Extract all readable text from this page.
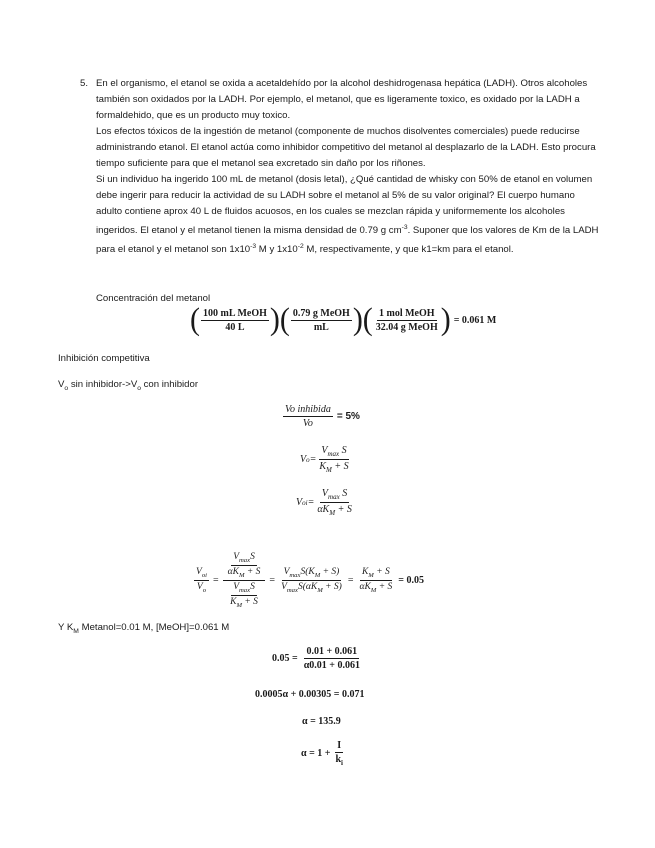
5. En el organismo, el etanol se oxida a acetaldehído por la alcohol deshidrogenasa hepática (LADH). Otros alcoholes también son oxidados por la LADH. Por ejemplo, el metanol, que es ligeramente toxico, es oxidado por la LADH a formaldehido, que es un producto muy toxico.

Los efectos tóxicos de la ingestión de metanol (componente de muchos disolventes comerciales) puede reducirse administrando etanol. El etanol actúa como inhibidor competitivo del metanol al desplazarlo de la LADH. Esto procura tiempo suficiente para que el metanol sea excretado sin daño por los riñones.

Si un individuo ha ingerido 100 mL de metanol (dosis letal), ¿Qué cantidad de whisky con 50% de etanol en volumen debe ingerir para reducir la actividad de su LADH sobre el metanol al 5% de su valor original? El cuerpo humano adulto contiene aprox 40 L de fluidos acuosos, en los cuales se mezclan rápida y uniformemente los alcoholes ingeridos. El etanol y el metanol tienen la misma densidad de 0.79 g $cm^{-3}$. Suponer que los valores de Km de la LADH para el etanol y el metanol son $1x10^{-3}$ M y $1x10^{-2}$ M, respectivamente, y que k1=km para el etanol.

Concentración del metanol
( $\frac{\text{100 mL MeOH}}{40 L}$ )( $\frac{\text{0.79 g MeOH}}{mL}$ )( $\frac{\text{1 mol MeOH}}{\text{32.04 g MeOH}}$ ) = 0.061 M
Inhibición competitiva
$V_o$ sin inhibidor-$>V_o$ con inhibidor
$\frac{\text{Vo inhibida}}{Vo} = 5\%$
V $o = \frac{V_{max} S}{K_M + S}$
V oi = $\frac{V_{max} S}{\alpha K_M + S}$
$\frac{V_{oi}}{V_o} = \frac{\frac{V_{max}S}{\alpha K_M + S}}{\frac{V_{max}S}{K_M + S}} = \frac{V_{max}S(K_M + S)}{V_{max}S(\alpha K_M + S)} = \frac{K_M + S}{\alpha K_M + S} = 0.05$
Y $K_M$ Metanol=0.01 M, [MeOH]=0.061 M
$0.05 = \frac{0.01 + 0.061}{\alpha 0.01 + 0.061}$
0.0005α + 0.00305 = 0.071
α = 135.9
$\alpha = 1 + \frac{I}{k_i}$
